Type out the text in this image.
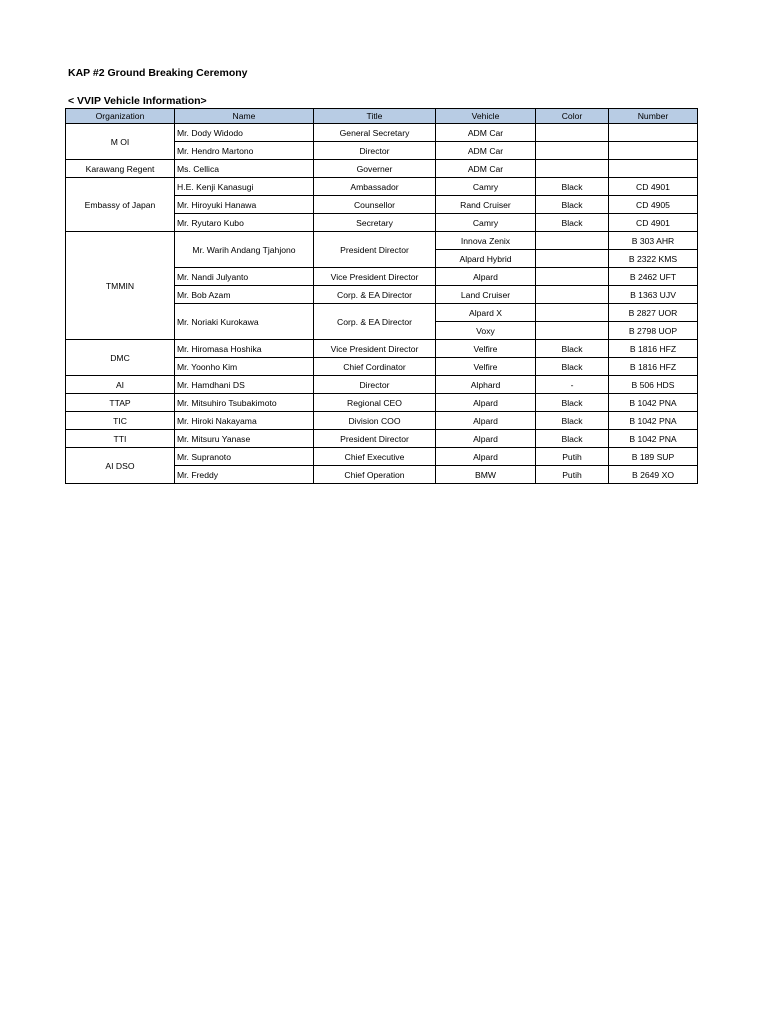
KAP #2 Ground Breaking Ceremony
< VVIP Vehicle Information>
Organization	Name	Title	Vehicle	Color	Number
M OI	Mr. Dody Widodo	General Secretary	ADM Car		
	Mr. Hendro Martono	Director	ADM Car		
Karawang Regent	Ms. Cellica	Governer	ADM Car		
Embassy of Japan	H.E. Kenji Kanasugi	Ambassador	Camry	Black	CD 4901
	Mr. Hiroyuki Hanawa	Counsellor	Rand Cruiser	Black	CD 4905
	Mr. Ryutaro Kubo	Secretary	Camry	Black	CD 4901
TMMIN	Mr. Warih Andang Tjahjono	President Director	Innova Zenix		B 303 AHR
			Alpard Hybrid		B 2322 KMS
	Mr. Nandi Julyanto	Vice President Director	Alpard		B 2462 UFT
	Mr. Bob Azam	Corp. & EA Director	Land Cruiser		B 1363 UJV
	Mr. Noriaki Kurokawa	Corp. & EA Director	Alpard X		B 2827 UOR
			Voxy		B 2798 UOP
DMC	Mr. Hiromasa Hoshika	Vice President Director	Velfire	Black	B 1816 HFZ
	Mr. Yoonho Kim	Chief Cordinator	Velfire	Black	B 1816 HFZ
AI	Mr. Hamdhani DS	Director	Alphard	-	B 506 HDS
TTAP	Mr. Mitsuhiro Tsubakimoto	Regional CEO	Alpard	Black	B 1042 PNA
TIC	Mr. Hiroki Nakayama	Division COO	Alpard	Black	B 1042 PNA
TTI	Mr. Mitsuru Yanase	President Director	Alpard	Black	B 1042 PNA
AI DSO	Mr. Supranoto	Chief Executive	Alpard	Putih	B 189 SUP
	Mr. Freddy	Chief Operation	BMW	Putih	B 2649 XO
